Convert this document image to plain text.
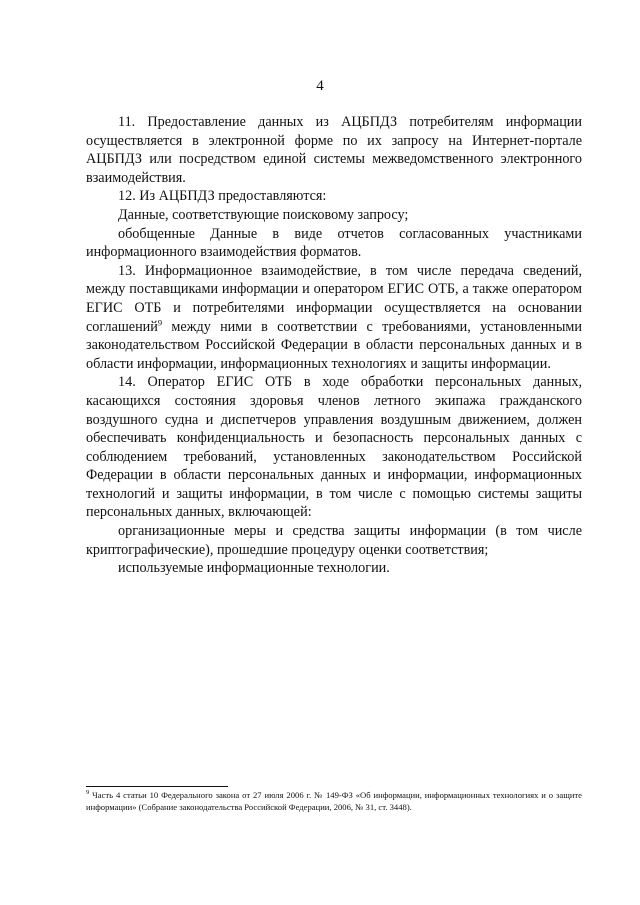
4

11. Предоставление данных из АЦБПДЗ потребителям информации осуществляется в электронной форме по их запросу на Интернет-портале АЦБПДЗ или посредством единой системы межведомственного электронного взаимодействия.

12. Из АЦБПДЗ предоставляются:

Данные, соответствующие поисковому запросу;

обобщенные Данные в виде отчетов согласованных участниками информационного взаимодействия форматов.

13. Информационное взаимодействие, в том числе передача сведений, между поставщиками информации и оператором ЕГИС ОТБ, а также оператором ЕГИС ОТБ и потребителями информации осуществляется на основании соглашений$^9$ между ними в соответствии с требованиями, установленными законодательством Российской Федерации в области персональных данных и в области информации, информационных технологиях и защиты информации.

14. Оператор ЕГИС ОТБ в ходе обработки персональных данных, касающихся состояния здоровья членов летного экипажа гражданского воздушного судна и диспетчеров управления воздушным движением, должен обеспечивать конфиденциальность и безопасность персональных данных с соблюдением требований, установленных законодательством Российской Федерации в области персональных данных и информации, информационных технологий и защиты информации, в том числе с помощью системы защиты персональных данных, включающей:

организационные меры и средства защиты информации (в том числе криптографические), прошедшие процедуру оценки соответствия;

используемые информационные технологии.

$^9$ Часть 4 статьи 10 Федерального закона от 27 июля 2006 г. № 149-ФЗ «Об информации, информационных технологиях и о защите информации» (Собрание законодательства Российской Федерации, 2006, № 31, ст. 3448).
